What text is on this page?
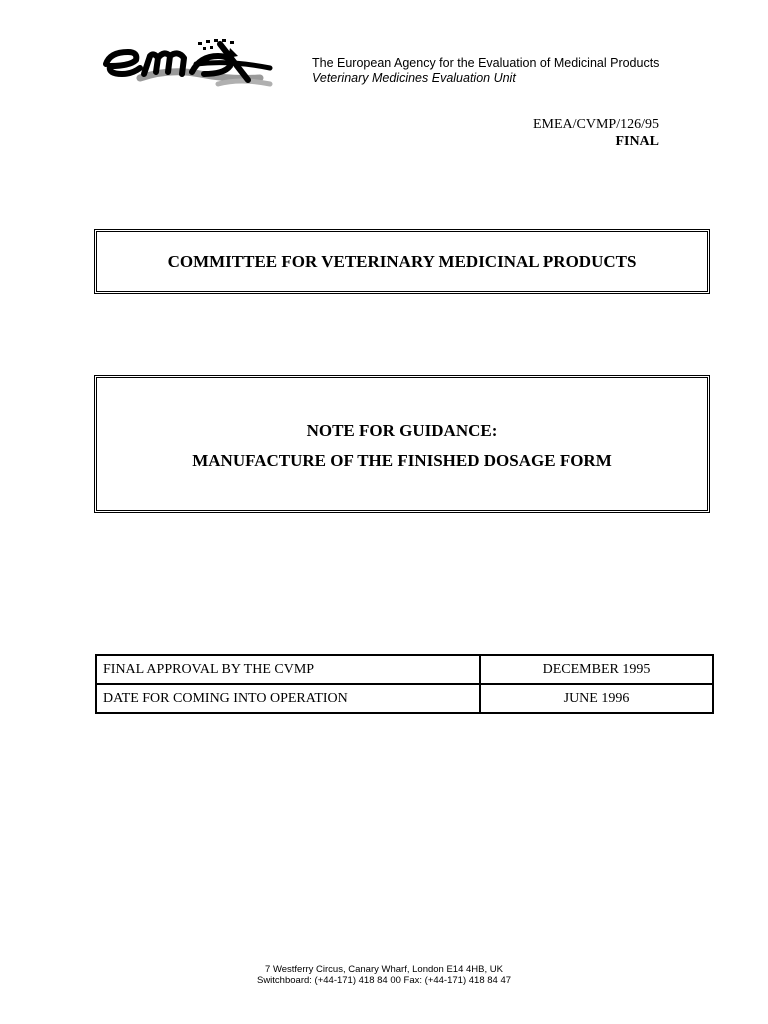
The European Agency for the Evaluation of Medicinal Products
Veterinary Medicines Evaluation Unit
EMEA/CVMP/126/95
FINAL
COMMITTEE FOR VETERINARY MEDICINAL PRODUCTS
NOTE FOR GUIDANCE:
MANUFACTURE OF THE FINISHED DOSAGE FORM
FINAL APPROVAL BY THE CVMP	DECEMBER 1995
DATE FOR COMING INTO OPERATION	JUNE 1996
7 Westferry Circus, Canary Wharf, London E14 4HB, UK
Switchboard: (+44-171) 418 84 00 Fax: (+44-171) 418 84 47
